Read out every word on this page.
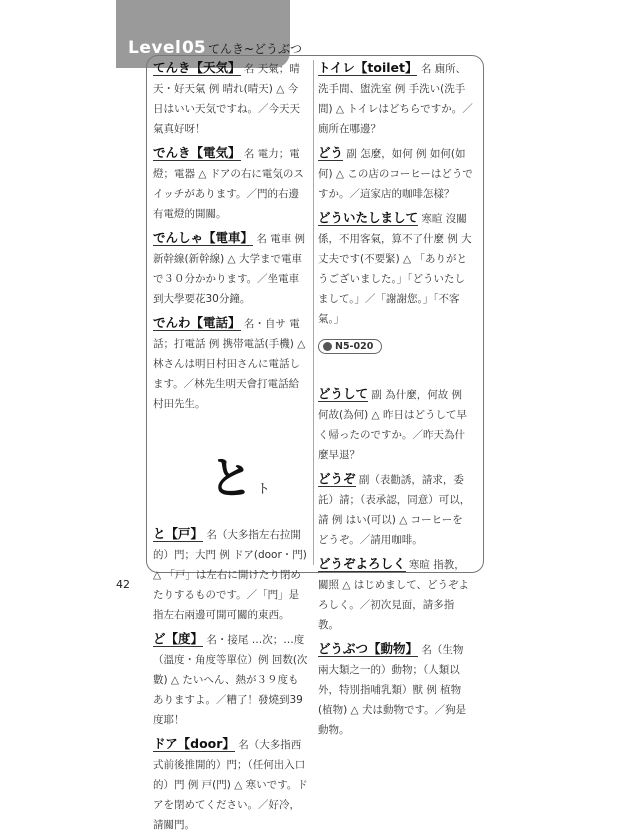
Level 05 てんき~どうぶつ
てんき【天気】 名 天氣；晴天・好天氣 例 晴れ(晴天) △ 今日はいい天気ですね。／今天天氣真好呀！
でんき【電気】 名 電力；電燈；電器 △ ドアの右に電気のスイッチがあります。／門的右邊有電燈的開關。
でんしゃ【電車】 名 電車 例 新幹線(新幹線) △ 大学まで電車で３０分かかります。／坐電車到大學要花30分鐘。
でんわ【電話】 名・自サ 電話；打電話 例 携帯電話(手機) △ 林さんは明日村田さんに電話します。／林先生明天會打電話給村田先生。
とト
と【戸】 名（大多指左右拉開的）門；大門 例 ドア(door・門) △ 「戸」は左右に開けたり閉めたりするものです。／「門」是指左右兩邊可開可關的東西。
ど【度】 名・接尾 …次；…度（溫度・角度等單位）例 回数(次數) △ たいへん、熱が３９度もありますよ。／糟了！發燒到39度耶！
ドア【door】 名（大多指西式前後推開的）門；（任何出入口的）門 例 戸(門) △ 寒いです。ドアを閉めてください。／好冷，請關門。
トイレ【toilet】 名 廁所、洗手間、盥洗室 例 手洗い(洗手間) △ トイレはどちらですか。／廁所在哪邊？
どう 副 怎麼，如何 例 如何(如何) △ この店のコーヒーはどうですか。／這家店的咖啡怎樣？
どういたしまして 寒暄 沒關係，不用客氣，算不了什麼 例 大丈夫です(不要緊) △ 「ありがとうございました。」「どういたしまして。」／「謝謝您。」「不客氣。」
N5-020
どうして 副 為什麼，何故 例 何故(為何) △ 昨日はどうして早く帰ったのですか。／昨天為什麼早退？
どうぞ 副（表勸誘，請求，委託）請；（表承認，同意）可以，請 例 はい(可以) △ コーヒーをどうぞ。／請用咖啡。
どうぞよろしく 寒暄 指教，關照 △ はじめまして、どうぞよろしく。／初次見面，請多指教。
どうぶつ【動物】 名（生物兩大類之一的）動物；（人類以外，特別指哺乳類）獸 例 植物(植物) △ 犬は動物です。／狗是動物。
42
